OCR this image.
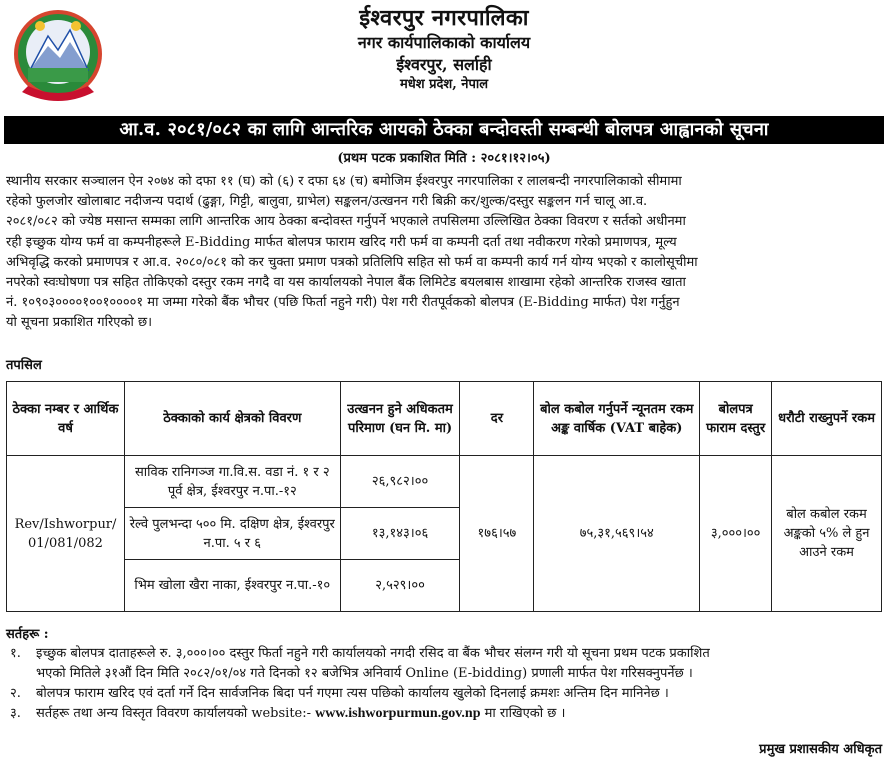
ईश्वरपुर नगरपालिका
नगर कार्यपालिकाको कार्यालय
ईश्वरपुर, सर्लाही
मधेश प्रदेश, नेपाल
आ.व. २०८१/०८२ का लागि आन्तरिक आयको ठेक्का बन्दोवस्ती सम्बन्धी बोलपत्र आह्वानको सूचना
(प्रथम पटक प्रकाशित मिति : २०८१।१२।०५)
स्थानीय सरकार सञ्चालन ऐन २०७४ को दफा ११ (घ) को (६) र दफा ६४ (च) बमोजिम ईश्वरपुर नगरपालिका र लालबन्दी नगरपालिकाको सीमामा
रहेको फुलजोर खोलाबाट नदीजन्य पदार्थ (ढुङ्गा, गिट्टी, बालुवा, ग्राभेल) सङ्कलन/उत्खनन गरी बिक्री कर/शुल्क/दस्तुर सङ्कलन गर्न चालू आ.व.
२०८१/०८२ को ज्येष्ठ मसान्त सम्मका लागि आन्तरिक आय ठेक्का बन्दोवस्त गर्नुपर्ने भएकाले तपसिलमा उल्लिखित ठेक्का विवरण र सर्तको अधीनमा
रही इच्छुक योग्य फर्म वा कम्पनीहरूले E-Bidding मार्फत बोलपत्र फाराम खरिद गरी फर्म वा कम्पनी दर्ता तथा नवीकरण गरेको प्रमाणपत्र, मूल्य
अभिवृद्धि करको प्रमाणपत्र र आ.व. २०८०/०८१ को कर चुक्ता प्रमाण पत्रको प्रतिलिपि सहित सो फर्म वा कम्पनी कार्य गर्न योग्य भएको र कालोसूचीमा
नपरेको स्वःघोषणा पत्र सहित तोकिएको दस्तुर रकम नगदै वा यस कार्यालयको नेपाल बैंक लिमिटेड बयलबास शाखामा रहेको आन्तरिक राजस्व खाता
नं. १०९०३००००१००१००००१ मा जम्मा गरेको बैंक भौचर (पछि फिर्ता नहुने गरी) पेश गरी रीतपूर्वकको बोलपत्र (E-Bidding मार्फत) पेश गर्नुहुन
यो सूचना प्रकाशित गरिएको छ।
तपसिल
ठेक्का नम्बर र आर्थिक वर्ष	ठेक्काको कार्य क्षेत्रको विवरण	उत्खनन हुने अधिकतम परिमाण (घन मि. मा)	दर	बोल कबोल गर्नुपर्ने न्यूनतम रकम अङ्क वार्षिक (VAT बाहेक)	बोलपत्र फाराम दस्तुर	धरौटी राख्नुपर्ने रकम
Rev/Ishworpur/ 01/081/082	साविक रानिगञ्ज गा.वि.स. वडा नं. १ र २ पूर्व क्षेत्र, ईश्वरपुर न.पा.-१२	२६,९८२।००	१७६।५७	७५,३१,५६९।५४	३,०००।००	बोल कबोल रकम अङ्कको ५% ले हुन आउने रकम
	रेल्वे पुलभन्दा ५०० मि. दक्षिण क्षेत्र, ईश्वरपुर न.पा. ५ र ६	१३,१४३।०६				
	भिम खोला खैरा नाका, ईश्वरपुर न.पा.-१०	२,५२९।००				
सर्तहरू :
१. इच्छुक बोलपत्र दाताहरूले रु. ३,०००।०० दस्तुर फिर्ता नहुने गरी कार्यालयको नगदी रसिद वा बैंक भौचर संलग्न गरी यो सूचना प्रथम पटक प्रकाशित
भएको मितिले ३१औं दिन मिति २०८२/०१/०४ गते दिनको १२ बजेभित्र अनिवार्य Online (E-bidding) प्रणाली मार्फत पेश गरिसक्नुपर्नेछ ।
२. बोलपत्र फाराम खरिद एवं दर्ता गर्ने दिन सार्वजनिक बिदा पर्न गएमा त्यस पछिको कार्यालय खुलेको दिनलाई क्रमशः अन्तिम दिन मानिनेछ ।
३. सर्तहरू तथा अन्य विस्तृत विवरण कार्यालयको website:- www.ishworpurmun.gov.np मा राखिएको छ ।
प्रमुख प्रशासकीय अधिकृत
